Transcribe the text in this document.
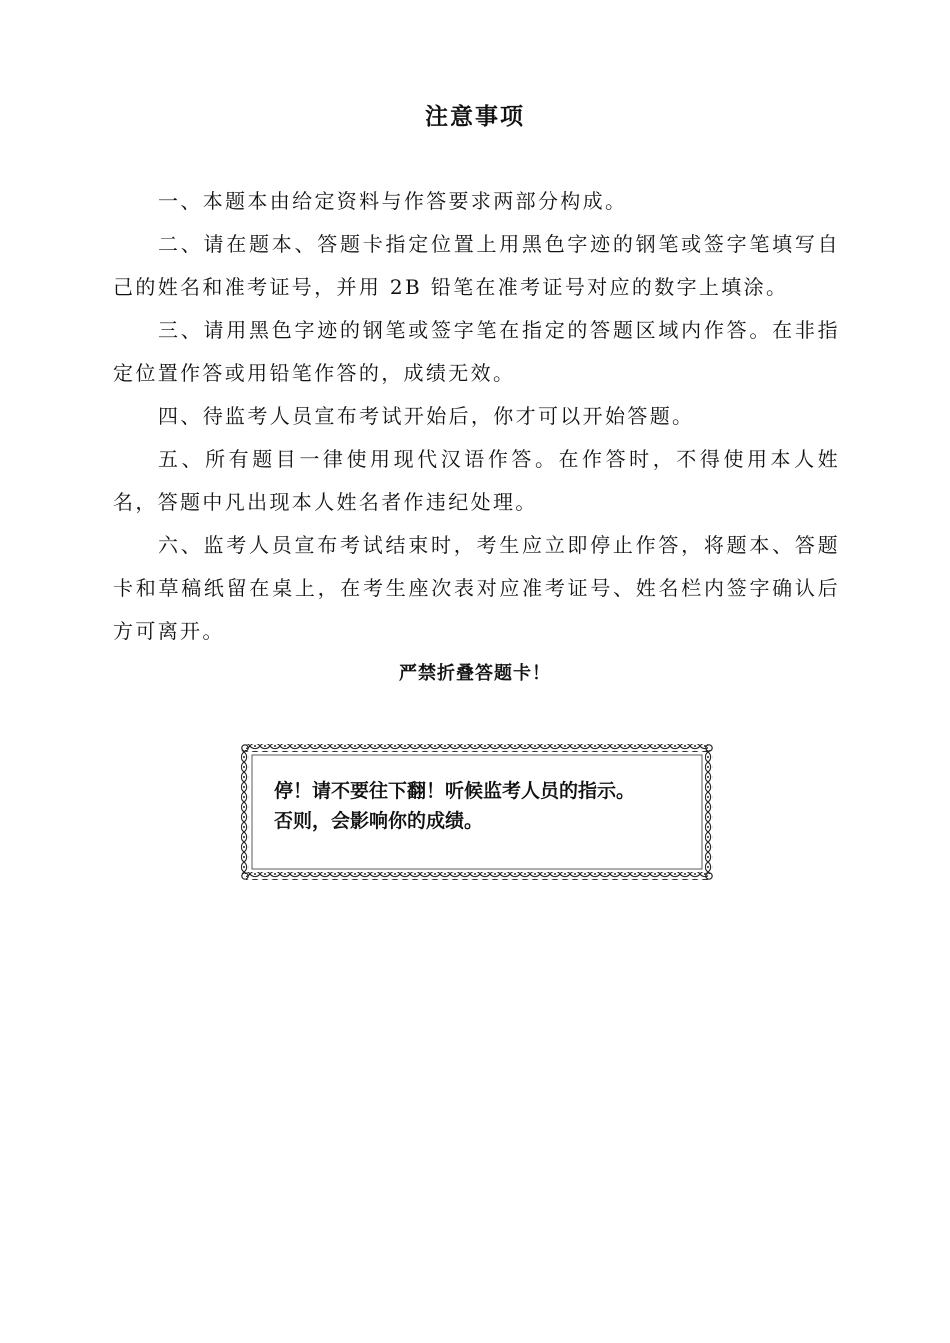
注意事项

一、本题本由给定资料与作答要求两部分构成。

二、请在题本、答题卡指定位置上用黑色字迹的钢笔或签字笔填写自己的姓名和准考证号，并用 2B 铅笔在准考证号对应的数字上填涂。

三、请用黑色字迹的钢笔或签字笔在指定的答题区域内作答。在非指定位置作答或用铅笔作答的，成绩无效。

四、待监考人员宣布考试开始后，你才可以开始答题。

五、所有题目一律使用现代汉语作答。在作答时，不得使用本人姓名，答题中凡出现本人姓名者作违纪处理。

六、监考人员宣布考试结束时，考生应立即停止作答，将题本、答题卡和草稿纸留在桌上，在考生座次表对应准考证号、姓名栏内签字确认后方可离开。

严禁折叠答题卡！
停！请不要往下翻！听候监考人员的指示。
否则，会影响你的成绩。
